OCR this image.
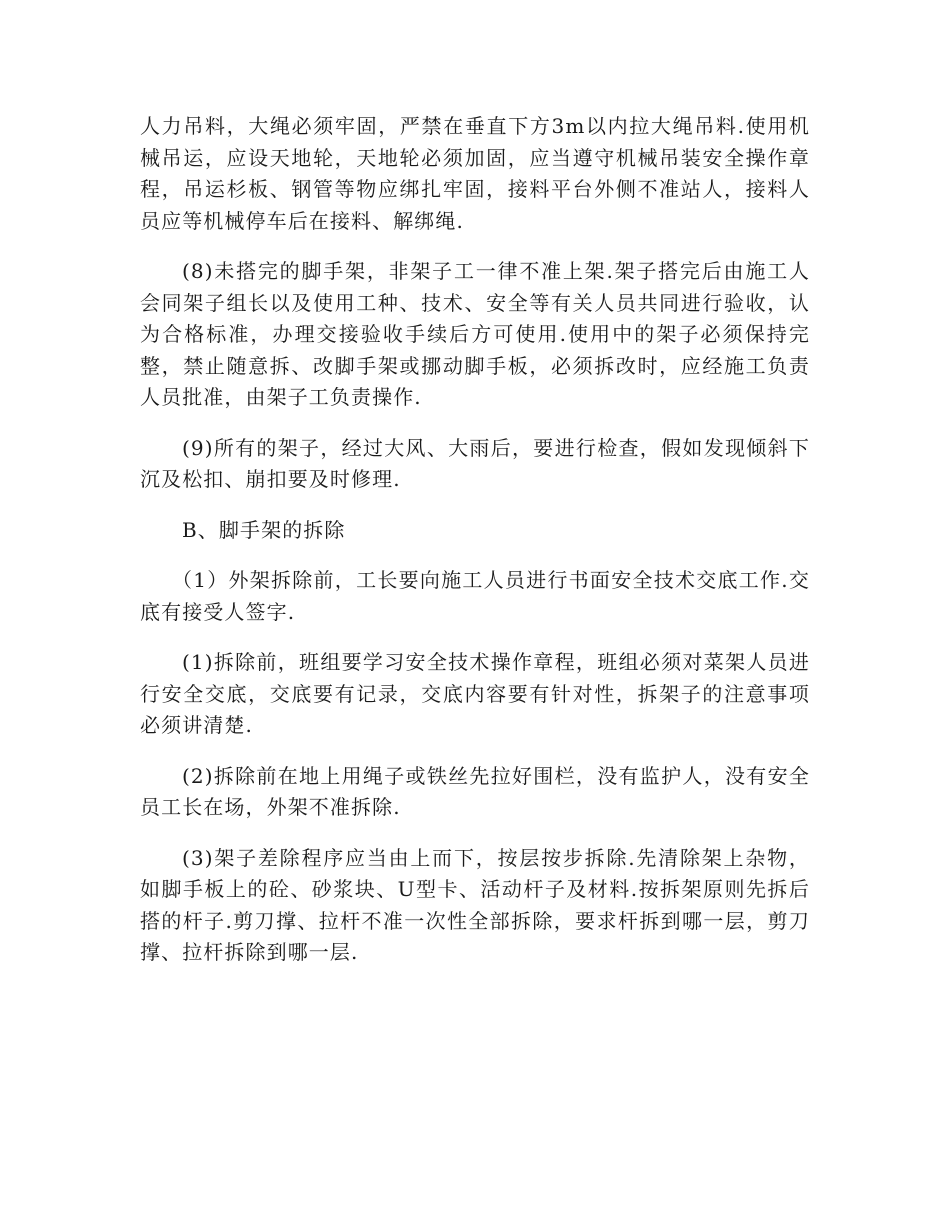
人力吊料，大绳必须牢固，严禁在垂直下方3m以内拉大绳吊料.使用机械吊运，应设天地轮，天地轮必须加固，应当遵守机械吊装安全操作章程，吊运杉板、钢管等物应绑扎牢固，接料平台外侧不准站人，接料人员应等机械停车后在接料、解绑绳.

(8)未搭完的脚手架，非架子工一律不准上架.架子搭完后由施工人会同架子组长以及使用工种、技术、安全等有关人员共同进行验收，认为合格标准，办理交接验收手续后方可使用.使用中的架子必须保持完整，禁止随意拆、改脚手架或挪动脚手板，必须拆改时，应经施工负责人员批准，由架子工负责操作.

(9)所有的架子，经过大风、大雨后，要进行检查，假如发现倾斜下沉及松扣、崩扣要及时修理.

B、脚手架的拆除

（1）外架拆除前，工长要向施工人员进行书面安全技术交底工作.交底有接受人签字.

(1)拆除前，班组要学习安全技术操作章程，班组必须对菜架人员进行安全交底，交底要有记录，交底内容要有针对性，拆架子的注意事项必须讲清楚.

(2)拆除前在地上用绳子或铁丝先拉好围栏，没有监护人，没有安全员工长在场，外架不准拆除.

(3)架子差除程序应当由上而下，按层按步拆除.先清除架上杂物，如脚手板上的砼、砂浆块、U型卡、活动杆子及材料.按拆架原则先拆后搭的杆子.剪刀撑、拉杆不准一次性全部拆除，要求杆拆到哪一层，剪刀撑、拉杆拆除到哪一层.
